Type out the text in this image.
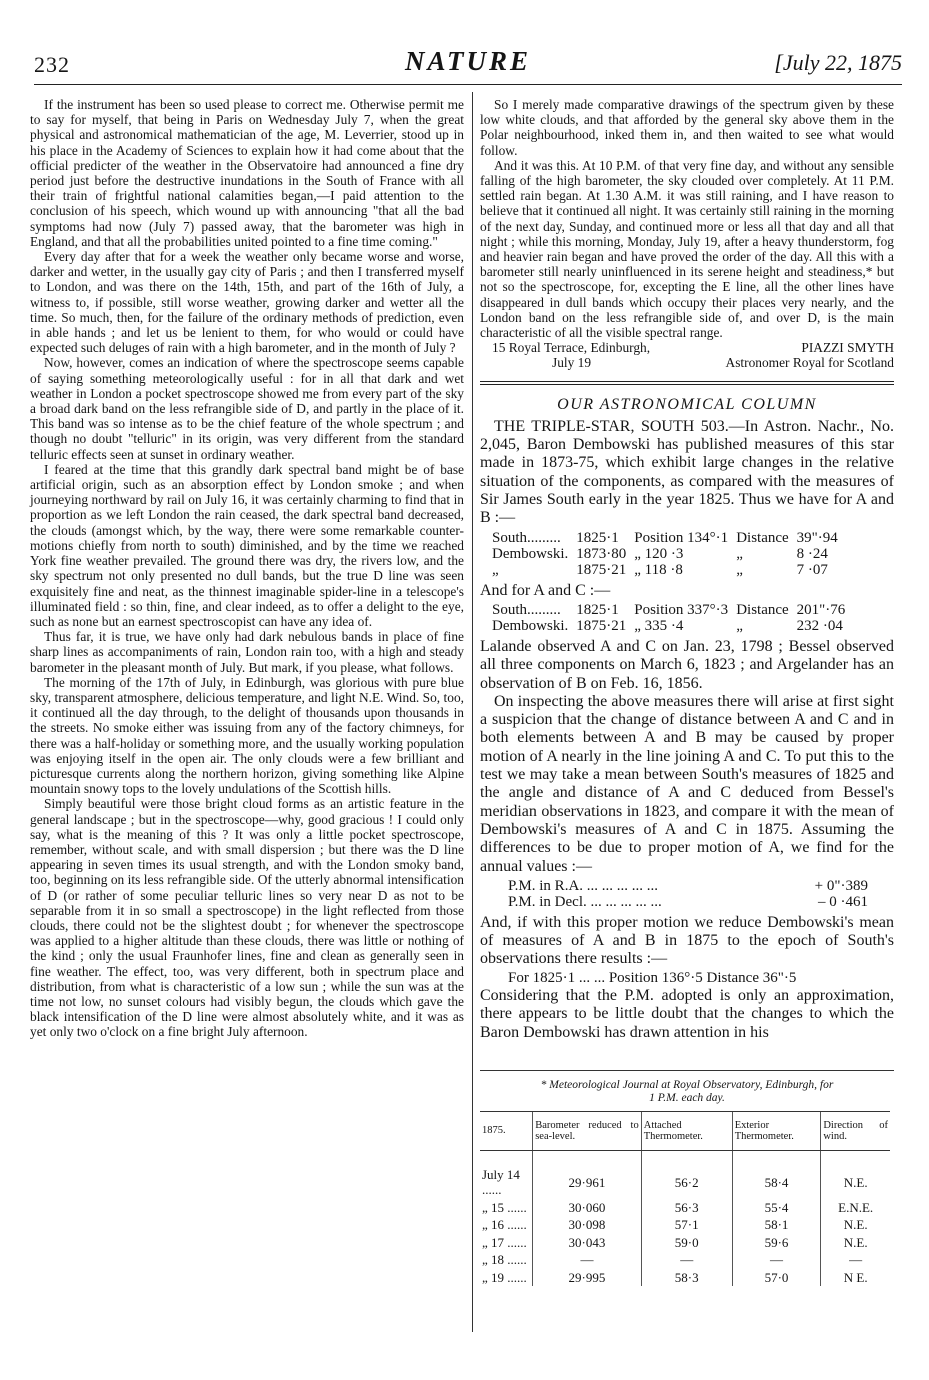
232	NATURE	[July 22, 1875

If the instrument has been so used please to correct me. Otherwise permit me to say for myself, that being in Paris on Wednesday July 7, when the great physical and astronomical mathematician of the age, M. Leverrier, stood up in his place in the Academy of Sciences to explain how it had come about that the official predicter of the weather in the Observatoire had announced a fine dry period just before the destructive inundations in the South of France with all their train of frightful national calamities began,—I paid attention to the conclusion of his speech, which wound up with announcing "that all the bad symptoms had now (July 7) passed away, that the barometer was high in England, and that all the probabilities united pointed to a fine time coming."

Every day after that for a week the weather only became worse and worse, darker and wetter, in the usually gay city of Paris ; and then I transferred myself to London, and was there on the 14th, 15th, and part of the 16th of July, a witness to, if possible, still worse weather, growing darker and wetter all the time. So much, then, for the failure of the ordinary methods of prediction, even in able hands ; and let us be lenient to them, for who would or could have expected such deluges of rain with a high barometer, and in the month of July ?

Now, however, comes an indication of where the spectroscope seems capable of saying something meteorologically useful : for in all that dark and wet weather in London a pocket spectroscope showed me from every part of the sky a broad dark band on the less refrangible side of D, and partly in the place of it. This band was so intense as to be the chief feature of the whole spectrum ; and though no doubt "telluric" in its origin, was very different from the standard telluric effects seen at sunset in ordinary weather.

I feared at the time that this grandly dark spectral band might be of base artificial origin, such as an absorption effect by London smoke ; and when journeying northward by rail on July 16, it was certainly charming to find that in proportion as we left London the rain ceased, the dark spectral band decreased, the clouds (amongst which, by the way, there were some remarkable counter-motions chiefly from north to south) diminished, and by the time we reached York fine weather prevailed. The ground there was dry, the rivers low, and the sky spectrum not only presented no dull bands, but the true D line was seen exquisitely fine and neat, as the thinnest imaginable spider-line in a telescope's illuminated field : so thin, fine, and clear indeed, as to offer a delight to the eye, such as none but an earnest spectroscopist can have any idea of.

Thus far, it is true, we have only had dark nebulous bands in place of fine sharp lines as accompaniments of rain, London rain too, with a high and steady barometer in the pleasant month of July. But mark, if you please, what follows.

The morning of the 17th of July, in Edinburgh, was glorious with pure blue sky, transparent atmosphere, delicious temperature, and light N.E. Wind. So, too, it continued all the day through, to the delight of thousands upon thousands in the streets. No smoke either was issuing from any of the factory chimneys, for there was a half-holiday or something more, and the usually working population was enjoying itself in the open air. The only clouds were a few brilliant and picturesque currents along the northern horizon, giving something like Alpine mountain snowy tops to the lovely undulations of the Scottish hills.

Simply beautiful were those bright cloud forms as an artistic feature in the general landscape ; but in the spectroscope—why, good gracious ! I could only say, what is the meaning of this ? It was only a little pocket spectroscope, remember, without scale, and with small dispersion ; but there was the D line appearing in seven times its usual strength, and with the London smoky band, too, beginning on its less refrangible side. Of the utterly abnormal intensification of D (or rather of some peculiar telluric lines so very near D as not to be separable from it in so small a spectroscope) in the light reflected from those clouds, there could not be the slightest doubt ; for whenever the spectroscope was applied to a higher altitude than these clouds, there was little or nothing of the kind ; only the usual Fraunhofer lines, fine and clean as generally seen in fine weather. The effect, too, was very different, both in spectrum place and distribution, from what is characteristic of a low sun ; while the sun was at the time not low, no sunset colours had visibly begun, the clouds which gave the black intensification of the D line were almost absolutely white, and it was as yet only two o'clock on a fine bright July afternoon.

So I merely made comparative drawings of the spectrum given by these low white clouds, and that afforded by the general sky above them in the Polar neighbourhood, inked them in, and then waited to see what would follow.

And it was this. At 10 P.M. of that very fine day, and without any sensible falling of the high barometer, the sky clouded over completely. At 11 P.M. settled rain began. At 1.30 A.M. it was still raining, and I have reason to believe that it continued all night. It was certainly still raining in the morning of the next day, Sunday, and continued more or less all that day and all that night ; while this morning, Monday, July 19, after a heavy thunderstorm, fog and heavier rain began and have proved the order of the day. All this with a barometer still nearly uninfluenced in its serene height and steadiness,* but not so the spectroscope, for, excepting the E line, all the other lines have disappeared in dull bands which occupy their places very nearly, and the London band on the less refrangible side of, and over D, is the main characteristic of all the visible spectral range.

15 Royal Terrace, Edinburgh,	PIAZZI SMYTH
July 19	Astronomer Royal for Scotland
OUR ASTRONOMICAL COLUMN

THE TRIPLE-STAR, SOUTH 503.—In Astron. Nachr., No. 2,045, Baron Dembowski has published measures of this star made in 1873-75, which exhibit large changes in the relative situation of the components, as compared with the measures of Sir James South early in the year 1825. Thus we have for A and B :—

South.........	1825·1	Position 134°·1	Distance	39"·94
Dembowski.	1873·80	„ 120 ·3	„	8 ·24
„	1875·21	„ 118 ·8	„	7 ·07
And for A and C :—
South.........	1825·1	Position 337°·3	Distance	201"·76
Dembowski.	1875·21	„ 335 ·4	„	232 ·04

Lalande observed A and C on Jan. 23, 1798 ; Bessel observed all three components on March 6, 1823 ; and Argelander has an observation of B on Feb. 16, 1856.

On inspecting the above measures there will arise at first sight a suspicion that the change of distance between A and C and in both elements between A and B may be caused by proper motion of A nearly in the line joining A and C. To put this to the test we may take a mean between South's measures of 1825 and the angle and distance of A and C deduced from Bessel's meridian observations in 1823, and compare it with the mean of Dembowski's measures of A and C in 1875. Assuming the differences to be due to proper motion of A, we find for the annual values :—

P.M. in R.A. ... ... ... ... ...	+ 0"·389
P.M. in Decl. ... ... ... ... ...	– 0 ·461

And, if with this proper motion we reduce Dembowski's mean of measures of A and B in 1875 to the epoch of South's observations there results :—

For 1825·1 ... ... Position 136°·5 Distance 36"·5

Considering that the P.M. adopted is only an approximation, there appears to be little doubt that the changes to which the Baron Dembowski has drawn attention in his

* Meteorological Journal at Royal Observatory, Edinburgh, for
1 P.M. each day.
1875.	Barometer reduced to sea-level.	Attached Thermometer.	Exterior Thermometer.	Direction of wind.
July 14 ......	29·961	56·2	58·4	N.E.
„ 15 ......	30·060	56·3	55·4	E.N.E.
„ 16 ......	30·098	57·1	58·1	N.E.
„ 17 ......	30·043	59·0	59·6	N.E.
„ 18 ......	—	—	—	—
„ 19 ......	29·995	58·3	57·0	N E.
